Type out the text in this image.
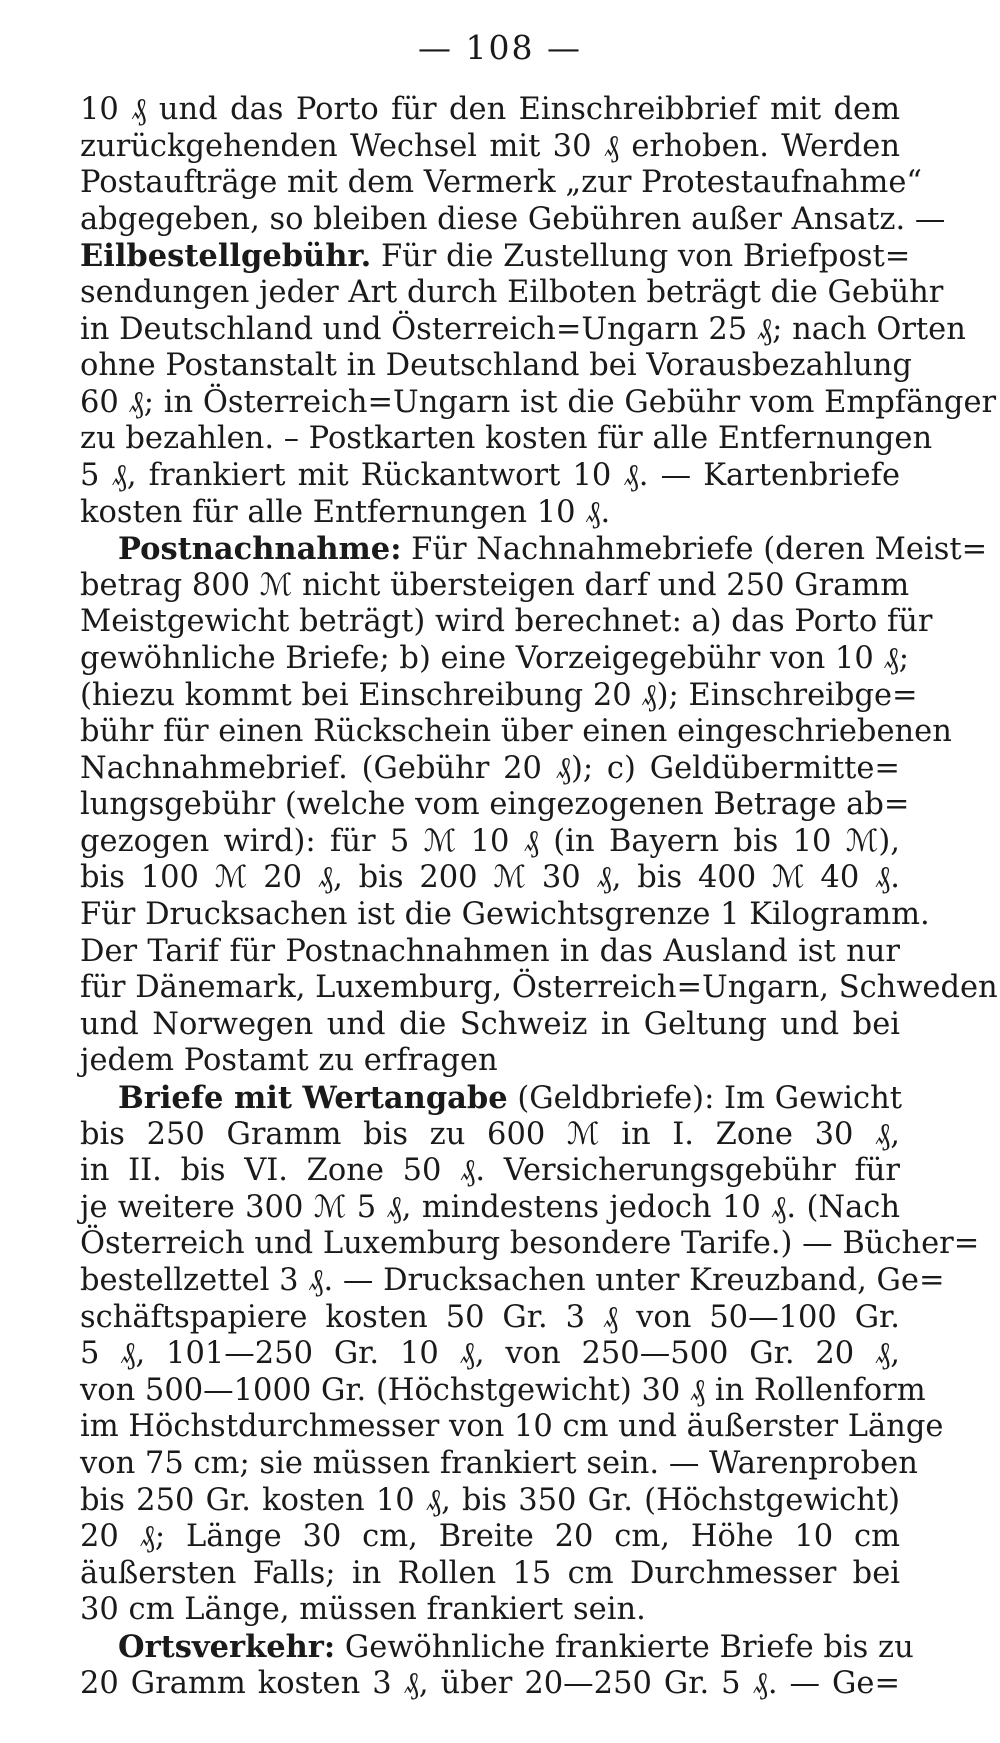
— 108 —
10 ₰ und das Porto für den Einschreibbrief mit dem
zurückgehenden Wechsel mit 30 ₰ erhoben. Werden
Postaufträge mit dem Vermerk „zur Protestaufnahme“
abgegeben, so bleiben diese Gebühren außer Ansatz. —
Eilbestellgebühr. Für die Zustellung von Briefpost=
sendungen jeder Art durch Eilboten beträgt die Gebühr
in Deutschland und Österreich=Ungarn 25 ₰; nach Orten
ohne Postanstalt in Deutschland bei Vorausbezahlung
60 ₰; in Österreich=Ungarn ist die Gebühr vom Empfänger
zu bezahlen. – Postkarten kosten für alle Entfernungen
5 ₰, frankiert mit Rückantwort 10 ₰. — Kartenbriefe
kosten für alle Entfernungen 10 ₰.
Postnachnahme: Für Nachnahmebriefe (deren Meist=
betrag 800 ℳ nicht übersteigen darf und 250 Gramm
Meistgewicht beträgt) wird berechnet: a) das Porto für
gewöhnliche Briefe; b) eine Vorzeigegebühr von 10 ₰;
(hiezu kommt bei Einschreibung 20 ₰); Einschreibge=
bühr für einen Rückschein über einen eingeschriebenen
Nachnahmebrief. (Gebühr 20 ₰); c) Geldübermitte=
lungsgebühr (welche vom eingezogenen Betrage ab=
gezogen wird): für 5 ℳ 10 ₰ (in Bayern bis 10 ℳ),
bis 100 ℳ 20 ₰, bis 200 ℳ 30 ₰, bis 400 ℳ 40 ₰.
Für Drucksachen ist die Gewichtsgrenze 1 Kilogramm.
Der Tarif für Postnachnahmen in das Ausland ist nur
für Dänemark, Luxemburg, Österreich=Ungarn, Schweden
und Norwegen und die Schweiz in Geltung und bei
jedem Postamt zu erfragen
Briefe mit Wertangabe (Geldbriefe): Im Gewicht
bis 250 Gramm bis zu 600 ℳ in I. Zone 30 ₰,
in II. bis VI. Zone 50 ₰. Versicherungsgebühr für
je weitere 300 ℳ 5 ₰, mindestens jedoch 10 ₰. (Nach
Österreich und Luxemburg besondere Tarife.) — Bücher=
bestellzettel 3 ₰. — Drucksachen unter Kreuzband, Ge=
schäftspapiere kosten 50 Gr. 3 ₰ von 50—100 Gr.
5 ₰, 101—250 Gr. 10 ₰, von 250—500 Gr. 20 ₰,
von 500—1000 Gr. (Höchstgewicht) 30 ₰ in Rollenform
im Höchstdurchmesser von 10 cm und äußerster Länge
von 75 cm; sie müssen frankiert sein. — Warenproben
bis 250 Gr. kosten 10 ₰, bis 350 Gr. (Höchstgewicht)
20 ₰; Länge 30 cm, Breite 20 cm, Höhe 10 cm
äußersten Falls; in Rollen 15 cm Durchmesser bei
30 cm Länge, müssen frankiert sein.
Ortsverkehr: Gewöhnliche frankierte Briefe bis zu
20 Gramm kosten 3 ₰, über 20—250 Gr. 5 ₰. — Ge=
